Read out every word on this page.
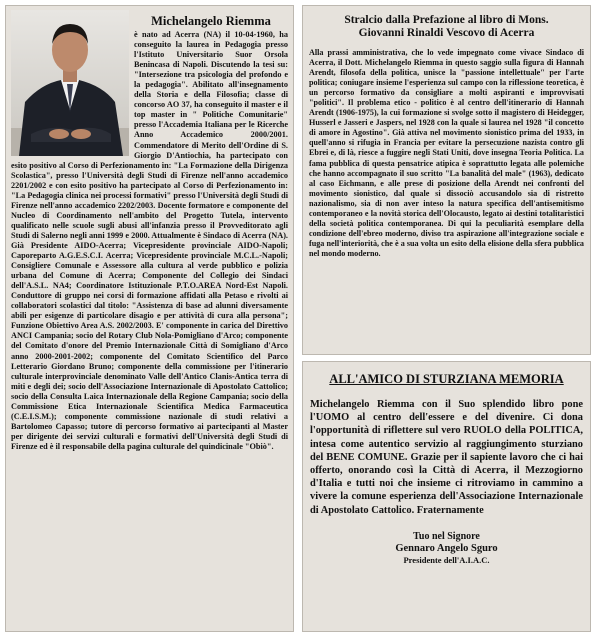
Michelangelo Riemma
è nato ad Acerra (NA) il 10-04-1960, ha conseguito la laurea in Pedagogia presso l'Istituto Universitario Suor Orsola Benincasa di Napoli. Discutendo la tesi su: "Intersezione tra psicologia del profondo e la pedagogia". Abilitato all'insegnamento della Storia e della Filosofia; classe di concorso AO 37, ha conseguito il master e il top master in " Politiche Comunitarie" presso l'Accademia Italiana per le Ricerche Anno Accademico 2000/2001. Commendatore di Merito dell'Ordine di S. Giorgio D'Antiochia, ha partecipato con esito positivo al Corso di Perfezionamento in: "La Formazione della Dirigenza Scolastica", presso l'Università degli Studi di Firenze nell'anno accademico 2201/2002 e con esito positivo ha partecipato al Corso di Perfezionamento in: "La Pedagogia clinica nei processi formativi" presso l'Università degli Studi di Firenze nell'anno accademico 2202/2003. Docente formatore e componente del Nucleo di Coordinamento nell'ambito del Progetto Tutela, intervento qualificato nelle scuole sugli abusi all'infanzia presso il Provveditorato agli Studi di Salerno negli anni 1999 e 2000. Attualmente è Sindaco di Acerra (NA). Già Presidente AIDO-Acerra; Vicepresidente provinciale AIDO-Napoli; Caporeparto A.G.E.S.C.I. Acerra; Vicepresidente provinciale M.C.L.-Napoli; Consigliere Comunale e Assessore alla cultura al verde pubblico e polizia urbana del Comune di Acerra; Componente del Collegio dei Sindaci dell'A.S.L. NA4; Coordinatore Istituzionale P.T.O.AREA Nord-Est Napoli. Conduttore di gruppo nei corsi di formazione affidati alla Petaso e rivolti ai collaboratori scolastici dal titolo: "Assistenza di base ad alunni diversamente abili per esigenze di particolare disagio e per attività di cura alla persona"; Funzione Obiettivo Area A.S. 2002/2003. E' componente in carica del Direttivo ANCI Campania; socio del Rotary Club Nola-Pomigliano d'Arco; componente del Comitato d'onore del Premio Internazionale Città di Somigliano d'Arco anno 2000-2001-2002; componente del Comitato Scientifico del Parco Letterario Giordano Bruno; componente della commissione per l'itinerario culturale interprovinciale denominato Valle dell'Antico Clanis-Antica terra di miti e degli dei; socio dell'Associazione Internazionale di Apostolato Cattolico; socio della Consulta Laica Internazionale della Regione Campania; socio della Commissione Etica Internazionale Scientifica Medica Farmaceutica (C.E.I.S.M.); componente commissione nazionale di studi relativi a Bartolomeo Capasso; tutore di percorso formativo ai partecipanti al Master per dirigente dei servizi culturali e formativi dell'Università degli Studi di Firenze ed è il responsabile della pagina culturale del quindicinale "Obiò".

Stralcio dalla Prefazione al libro di Mons.
Giovanni Rinaldi Vescovo di Acerra

Alla prassi amministrativa, che lo vede impegnato come vivace Sindaco di Acerra, il Dott. Michelangelo Riemma in questo saggio sulla figura di Hannah Arendt, filosofa della politica, unisce la "passione intellettuale" per l'arte politica; coniugare insieme l'esperienza sul campo con la riflessione teoretica, è un percorso formativo da consigliare a molti aspiranti e improvvisati "politici". Il problema etico - politico è al centro dell'itinerario di Hannah Arendt (1906-1975), la cui formazione si svolge sotto il magistero di Heidegger, Husserl e Jasseri e Jaspers, nel 1928 con la quale si laurea nel 1928 "il concetto di amore in Agostino". Già attiva nel movimento sionistico prima del 1933, in quell'anno si rifugia in Francia per evitare la persecuzione nazista contro gli Ebrei e, di là, riesce a fuggire negli Stati Uniti, dove insegna Teoria Politica. La fama pubblica di questa pensatrice atipica è soprattutto legata alle polemiche che hanno accompagnato il suo scritto "La banalità del male" (1963), dedicato al caso Eichmann, e alle prese di posizione della Arendt nei confronti del movimento sionistico, dal quale si dissociò accusandolo sia di ristretto nazionalismo, sia di non aver inteso la natura specifica dell'antisemitismo contemporaneo e la novità storica dell'Olocausto, legato ai destini totalitaristici della società politica contemporanea. Di qui la peculiarità esemplare della condizione dell'ebreo moderno, diviso tra aspirazione all'integrazione sociale e fuga nell'interiorità, che è a sua volta un esito della elisione della sfera pubblica nel mondo moderno.

ALL'AMICO DI STURZIANA MEMORIA

Michelangelo Riemma con il Suo splendido libro pone l'UOMO al centro dell'essere e del divenire. Ci dona l'opportunità di riflettere sul vero RUOLO della POLITICA, intesa come autentico servizio al raggiungimento sturziano del BENE COMUNE. Grazie per il sapiente lavoro che ci hai offerto, onorando così la Città di Acerra, il Mezzogiorno d'Italia e tutti noi che insieme ci ritroviamo in cammino a vivere la comune esperienza dell'Associazione Internazionale di Apostolato Cattolico. Fraternamente

Tuo nel Signore
Gennaro Angelo Sguro
Presidente dell'A.I.A.C.
